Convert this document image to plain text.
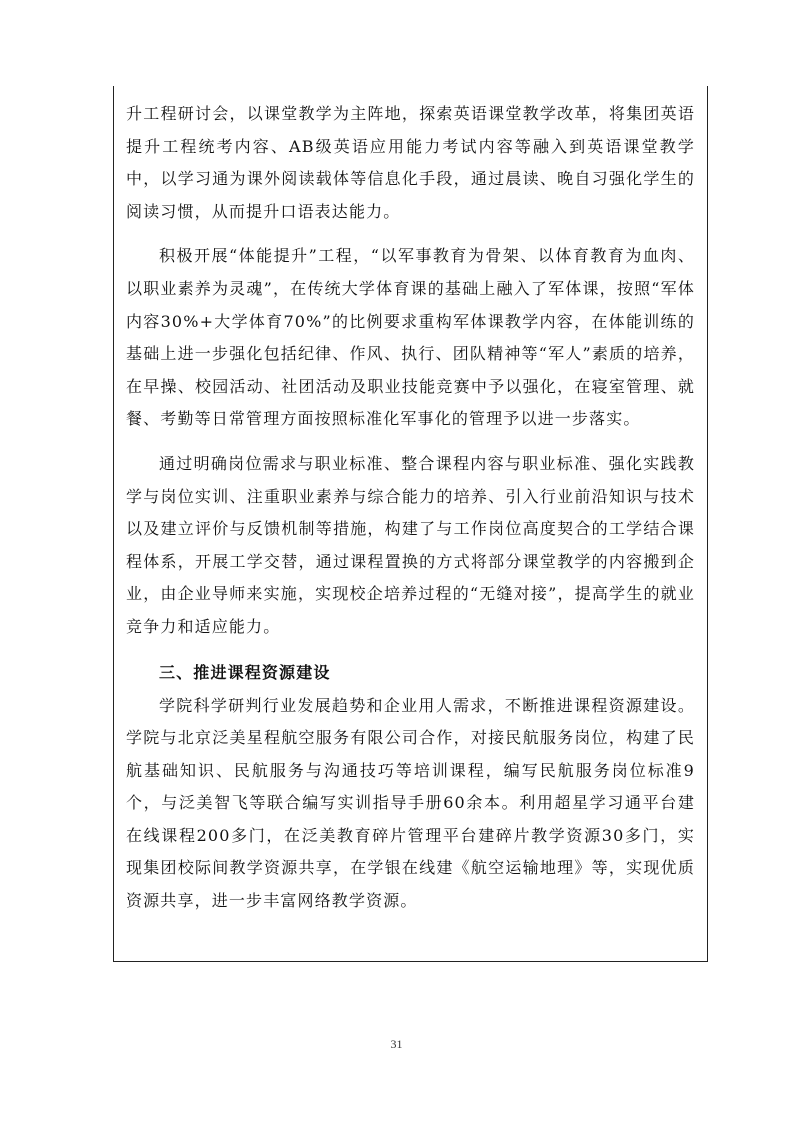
升工程研讨会，以课堂教学为主阵地，探索英语课堂教学改革，将集团英语提升工程统考内容、AB级英语应用能力考试内容等融入到英语课堂教学中，以学习通为课外阅读载体等信息化手段，通过晨读、晚自习强化学生的阅读习惯，从而提升口语表达能力。

积极开展“体能提升”工程，“以军事教育为骨架、以体育教育为血肉、以职业素养为灵魂”，在传统大学体育课的基础上融入了军体课，按照“军体内容30%+大学体育70%”的比例要求重构军体课教学内容，在体能训练的基础上进一步强化包括纪律、作风、执行、团队精神等“军人”素质的培养，在早操、校园活动、社团活动及职业技能竞赛中予以强化，在寝室管理、就餐、考勤等日常管理方面按照标准化军事化的管理予以进一步落实。

通过明确岗位需求与职业标准、整合课程内容与职业标准、强化实践教学与岗位实训、注重职业素养与综合能力的培养、引入行业前沿知识与技术以及建立评价与反馈机制等措施，构建了与工作岗位高度契合的工学结合课程体系，开展工学交替，通过课程置换的方式将部分课堂教学的内容搬到企业，由企业导师来实施，实现校企培养过程的“无缝对接”，提高学生的就业竞争力和适应能力。

三、推进课程资源建设

学院科学研判行业发展趋势和企业用人需求，不断推进课程资源建设。学院与北京泛美星程航空服务有限公司合作，对接民航服务岗位，构建了民航基础知识、民航服务与沟通技巧等培训课程，编写民航服务岗位标准9个，与泛美智飞等联合编写实训指导手册60余本。利用超星学习通平台建在线课程200多门，在泛美教育碎片管理平台建碎片教学资源30多门，实现集团校际间教学资源共享，在学银在线建《航空运输地理》等，实现优质资源共享，进一步丰富网络教学资源。

31
